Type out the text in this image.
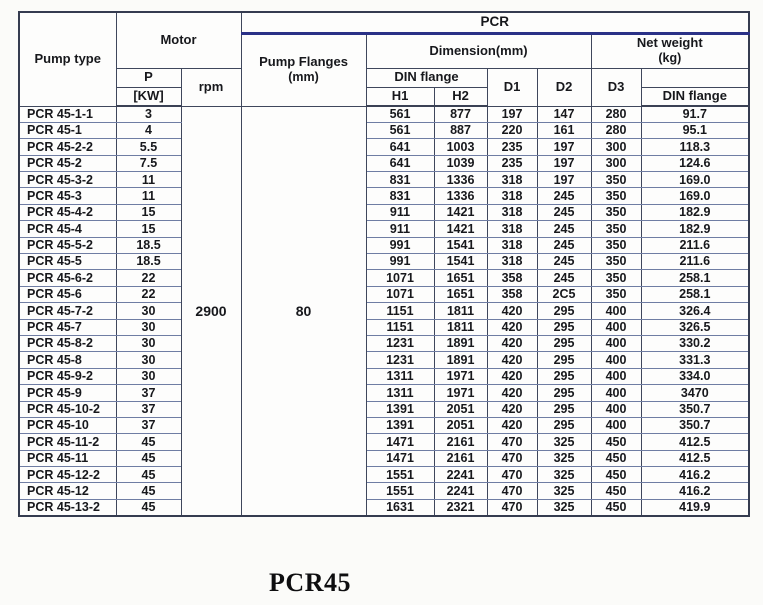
Pump type	Motor		PCR						

Pump Flanges
(mm)
	Dimension(mm)	Net weight
(kg)

	P	rpm		DIN flange		D1	D2	D3	
	[KW]			H1	H2				DIN flange
PCR 45-1-1	3	2900	80	561	877	197	147	280	91.7
PCR 45-1	4			561	887	220	161	280	95.1
PCR 45-2-2	5.5			641	1003	235	197	300	118.3
PCR 45-2	7.5			641	1039	235	197	300	124.6
PCR 45-3-2	11			831	1336	318	197	350	169.0
PCR 45-3	11			831	1336	318	245	350	169.0
PCR 45-4-2	15			911	1421	318	245	350	182.9
PCR 45-4	15			911	1421	318	245	350	182.9
PCR 45-5-2	18.5			991	1541	318	245	350	211.6
PCR 45-5	18.5			991	1541	318	245	350	211.6
PCR 45-6-2	22			1071	1651	358	245	350	258.1
PCR 45-6	22			1071	1651	358	2C5	350	258.1
PCR 45-7-2	30			1151	1811	420	295	400	326.4
PCR 45-7	30			1151	1811	420	295	400	326.5
PCR 45-8-2	30			1231	1891	420	295	400	330.2
PCR 45-8	30			1231	1891	420	295	400	331.3
PCR 45-9-2	30			1311	1971	420	295	400	334.0
PCR 45-9	37			1311	1971	420	295	400	3470
PCR 45-10-2	37			1391	2051	420	295	400	350.7
PCR 45-10	37			1391	2051	420	295	400	350.7
PCR 45-11-2	45			1471	2161	470	325	450	412.5
PCR 45-11	45			1471	2161	470	325	450	412.5
PCR 45-12-2	45			1551	2241	470	325	450	416.2
PCR 45-12	45			1551	2241	470	325	450	416.2
PCR 45-13-2	45			1631	2321	470	325	450	419.9
PCR45
